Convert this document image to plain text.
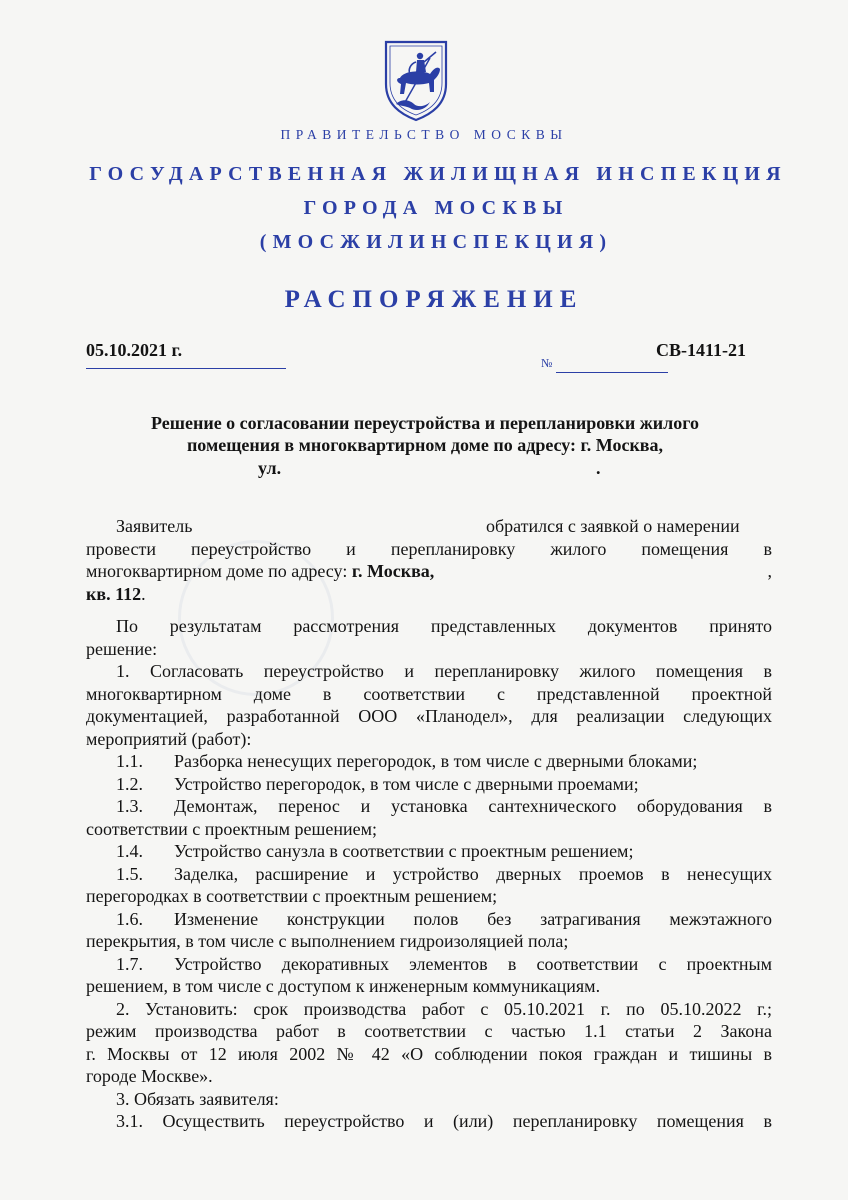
ПРАВИТЕЛЬСТВО МОСКВЫ
ГОСУДАРСТВЕННАЯ ЖИЛИЩНАЯ ИНСПЕКЦИЯ
ГОРОДА МОСКВЫ
(МОСЖИЛИНСПЕКЦИЯ)
РАСПОРЯЖЕНИЕ
05.10.2021 г.
№
СВ-1411-21
Решение о согласовании переустройства и перепланировки жилого
помещения в многоквартирном доме по адресу: г. Москва,
ул.	.
Заявитель	обратился с заявкой о намерении
провести переустройство и перепланировку жилого помещения в
многоквартирном доме по адресу: г. Москва,	,
кв. 112.
По результатам рассмотрения представленных документов принято
решение:
1. Согласовать переустройство и перепланировку жилого помещения в
многоквартирном доме в соответствии с представленной проектной
документацией, разработанной ООО «Планодел», для реализации следующих
мероприятий (работ):
1.1.	Разборка ненесущих перегородок, в том числе с дверными блоками;
1.2.	Устройство перегородок, в том числе с дверными проемами;
1.3.	Демонтаж, перенос и установка сантехнического оборудования в
соответствии с проектным решением;
1.4.	Устройство санузла в соответствии с проектным решением;
1.5.	Заделка, расширение и устройство дверных проемов в ненесущих
перегородках в соответствии с проектным решением;
1.6.	Изменение конструкции полов без затрагивания межэтажного
перекрытия, в том числе с выполнением гидроизоляцией пола;
1.7.	Устройство декоративных элементов в соответствии с проектным
решением, в том числе с доступом к инженерным коммуникациям.
2. Установить: срок производства работ с 05.10.2021 г. по 05.10.2022 г.;
режим производства работ в соответствии с частью 1.1 статьи 2 Закона
г. Москвы от 12 июля 2002 № 42 «О соблюдении покоя граждан и тишины в
городе Москве».
3. Обязать заявителя:
3.1. Осуществить переустройство и (или) перепланировку помещения в
